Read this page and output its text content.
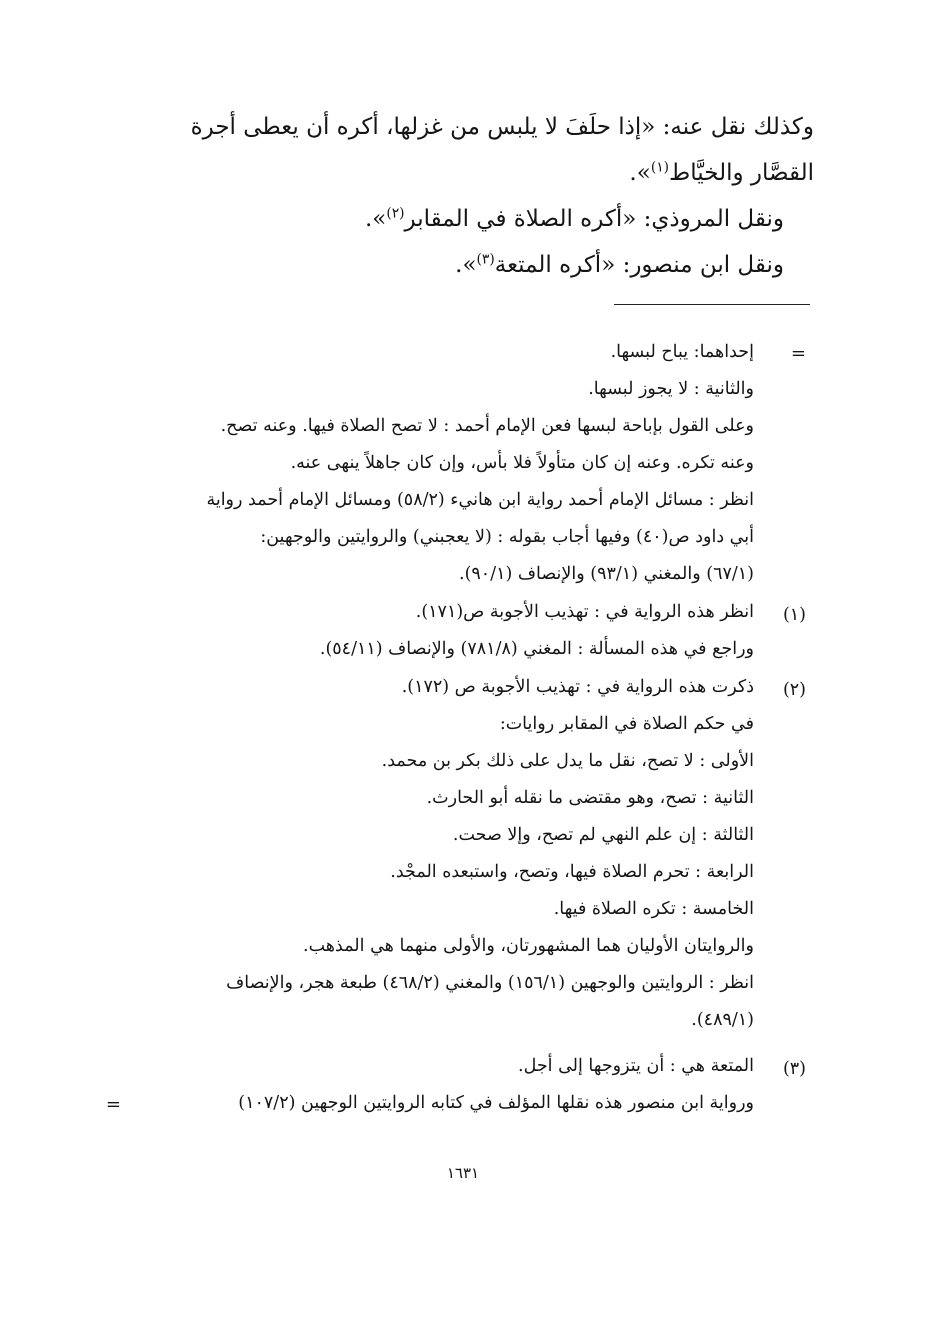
وكذلك نقل عنه: «إذا حلَفَ لا يلبس من غزلها، أكره أن يعطى أجرة
القصَّار والخيَّاط$^{(١)}$».
ونقل المروذي: «أكره الصلاة في المقابر$^{(٢)}$».
ونقل ابن منصور: «أكره المتعة$^{(٣)}$».
=
إحداهما: يباح لبسها.
والثانية : لا يجوز لبسها.
وعلى القول بإباحة لبسها فعن الإمام أحمد : لا تصح الصلاة فيها. وعنه تصح.
وعنه تكره. وعنه إن كان متأولاً فلا بأس، وإن كان جاهلاً ينهى عنه.
انظر : مسائل الإمام أحمد رواية ابن هانيء (٥٨/٢) ومسائل الإمام أحمد رواية
أبي داود ص(٤٠) وفيها أجاب بقوله : (لا يعجبني) والروايتين والوجهين:
(٦٧/١) والمغني (٩٣/١) والإنصاف (٩٠/١).
(١)
انظر هذه الرواية في : تهذيب الأجوبة ص(١٧١).
وراجع في هذه المسألة : المغني (٧٨١/٨) والإنصاف (٥٤/١١).
(٢)
ذكرت هذه الرواية في : تهذيب الأجوبة ص (١٧٢).
في حكم الصلاة في المقابر روايات:
الأولى : لا تصح، نقل ما يدل على ذلك بكر بن محمد.
الثانية : تصح، وهو مقتضى ما نقله أبو الحارث.
الثالثة : إن علم النهي لم تصح، وإلا صحت.
الرابعة : تحرم الصلاة فيها، وتصح، واستبعده المجْد.
الخامسة : تكره الصلاة فيها.
والروايتان الأوليان هما المشهورتان، والأولى منهما هي المذهب.
انظر : الروايتين والوجهين (١٥٦/١) والمغني (٤٦٨/٢) طبعة هجر، والإنصاف
(٤٨٩/١).
(٣)
المتعة هي : أن يتزوجها إلى أجل.
ورواية ابن منصور هذه نقلها المؤلف في كتابه الروايتين الوجهين (١٠٧/٢)
=
١٦٣١
